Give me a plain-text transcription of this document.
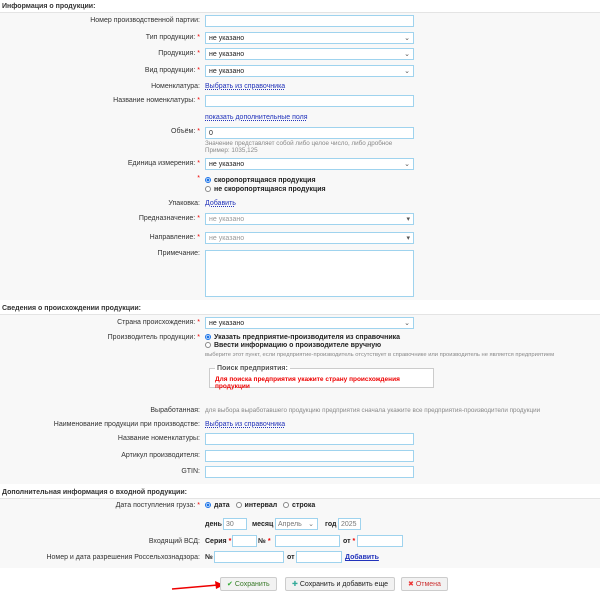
Информация о продукции:
Номер производственной партии:
Тип продукции: *	не указано	⌄
Продукция: *	не указано	⌄
Вид продукции: *	не указано	⌄
Номенклатура: Выбрать из справочника
Название номенклатуры: *
показать дополнительные поля
Объём: *	0
Значение представляет собой либо целое число, либо дробное
Пример: 1035,125
Единица измерения: *	не указано	⌄
*	скоропортящаяся продукция
не скоропортящаяся продукция
Упаковка: Добавить
Предназначение: *	не указано	▾
Направление: *	не указано	▾
Примечание:
Сведения о происхождении продукции:
Страна происхождения: *	не указано	⌄
Производитель продукции: *	Указать предприятие-производителя из справочника
Ввести информацию о производителе вручную
выберите этот пункт, если предприятие-производитель отсутствует в справочнике или производитель не является предприятием
Поиск предприятия:
Для поиска предприятия укажите страну происхождения продукции
Выработанная: для выбора выработавшего продукцию предприятия сначала укажите все предприятия-производители продукции
Наименование продукции при производстве: Выбрать из справочника
Название номенклатуры:
Артикул производителя:
GTIN:
Дополнительная информация о входной продукции:
Дата поступления груза: *	дата интервал строка
день 30	месяц Апрель ⌄ год 2025
Входящий ВСД: Серия *	№ *	от *
Номер и дата разрешения Россельхознадзора: №	от	Добавить
✔ Сохранить	✚ Сохранить и добавить еще	✖ Отмена
